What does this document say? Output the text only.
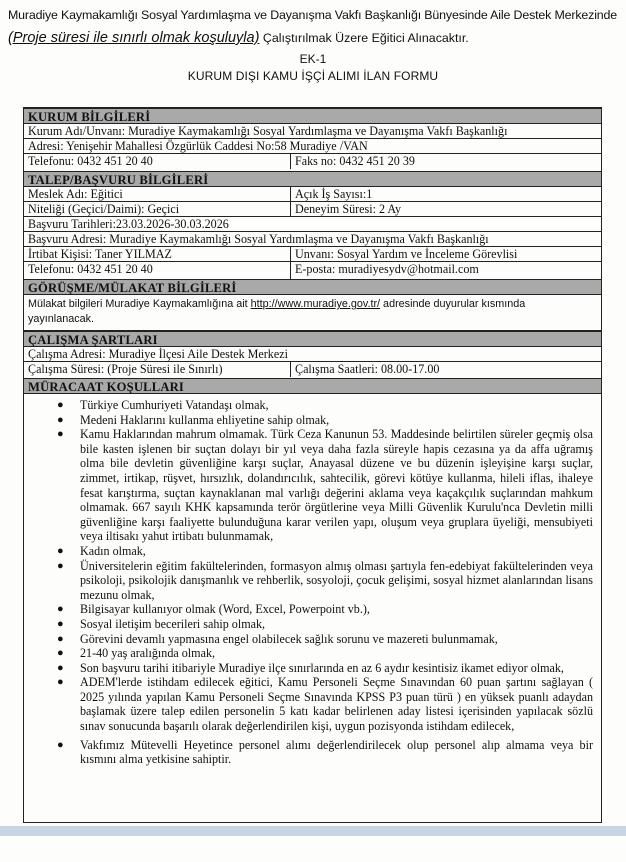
Muradiye Kaymakamlığı Sosyal Yardımlaşma ve Dayanışma Vakfı Başkanlığı Bünyesinde Aile Destek Merkezinde
(Proje süresi ile sınırlı olmak koşuluyla) Çalıştırılmak Üzere Eğitici Alınacaktır.
EK-1
KURUM DIŞI KAMU İŞÇİ ALIMI İLAN FORMU
KURUM BİLGİLERİ
Kurum Adı/Unvanı: Muradiye Kaymakamlığı Sosyal Yardımlaşma ve Dayanışma Vakfı Başkanlığı
Adresi: Yenişehir Mahallesi Özgürlük Caddesi No:58 Muradiye /VAN
Telefonu: 0432 451 20 40	Faks no: 0432 451 20 39
TALEP/BAŞVURU BİLGİLERİ
Meslek Adı: Eğitici	Açık İş Sayısı:1
Niteliği (Geçici/Daimi): Geçici	Deneyim Süresi: 2 Ay
Başvuru Tarihleri:23.03.2026-30.03.2026
Başvuru Adresi: Muradiye Kaymakamlığı Sosyal Yardımlaşma ve Dayanışma Vakfı Başkanlığı
İrtibat Kişisi: Taner YILMAZ	Unvanı: Sosyal Yardım ve İnceleme Görevlisi
Telefonu: 0432 451 20 40	E-posta: muradiyesydv@hotmail.com
GÖRÜŞME/MÜLAKAT BİLGİLERİ
Mülakat bilgileri Muradiye Kaymakamlığına ait http://www.muradiye.gov.tr/ adresinde duyurular kısmında
yayınlanacak.
ÇALIŞMA ŞARTLARI
Çalışma Adresi: Muradiye İlçesi Aile Destek Merkezi
Çalışma Süresi: (Proje Süresi ile Sınırlı)	Çalışma Saatleri: 08.00-17.00
MÜRACAAT KOŞULLARI
● Türkiye Cumhuriyeti Vatandaşı olmak,
● Medeni Haklarını kullanma ehliyetine sahip olmak,
● Kamu Haklarından mahrum olmamak. Türk Ceza Kanunun 53. Maddesinde belirtilen süreler geçmiş olsa bile kasten işlenen bir suçtan dolayı bir yıl veya daha fazla süreyle hapis cezasına ya da affa uğramış olma bile devletin güvenliğine karşı suçlar, Anayasal düzene ve bu düzenin işleyişine karşı suçlar, zimmet, irtikap, rüşvet, hırsızlık, dolandırıcılık, sahtecilik, görevi kötüye kullanma, hileli iflas, ihaleye fesat karıştırma, suçtan kaynaklanan mal varlığı değerini aklama veya kaçakçılık suçlarından mahkum olmamak. 667 sayılı KHK kapsamında terör örgütlerine veya Milli Güvenlik Kurulu'nca Devletin milli güvenliğine karşı faaliyette bulunduğuna karar verilen yapı, oluşum veya gruplara üyeliği, mensubiyeti veya iltisakı yahut irtibatı bulunmamak,
● Kadın olmak,
● Üniversitelerin eğitim fakültelerinden, formasyon almış olması şartıyla fen-edebiyat fakültelerinden veya psikoloji, psikolojik danışmanlık ve rehberlik, sosyoloji, çocuk gelişimi, sosyal hizmet alanlarından lisans mezunu olmak,
● Bilgisayar kullanıyor olmak (Word, Excel, Powerpoint vb.),
● Sosyal iletişim becerileri sahip olmak,
● Görevini devamlı yapmasına engel olabilecek sağlık sorunu ve mazereti bulunmamak,
● 21-40 yaş aralığında olmak,
● Son başvuru tarihi itibariyle Muradiye ilçe sınırlarında en az 6 aydır kesintisiz ikamet ediyor olmak,
● ADEM'lerde istihdam edilecek eğitici, Kamu Personeli Seçme Sınavından 60 puan şartını sağlayan ( 2025 yılında yapılan Kamu Personeli Seçme Sınavında KPSS P3 puan türü ) en yüksek puanlı adaydan başlamak üzere talep edilen personelin 5 katı kadar belirlenen aday listesi içerisinden yapılacak sözlü sınav sonucunda başarılı olarak değerlendirilen kişi, uygun pozisyonda istihdam edilecek,
● Vakfımız Mütevelli Heyetince personel alımı değerlendirilecek olup personel alıp almama veya bir kısmını alma yetkisine sahiptir.
